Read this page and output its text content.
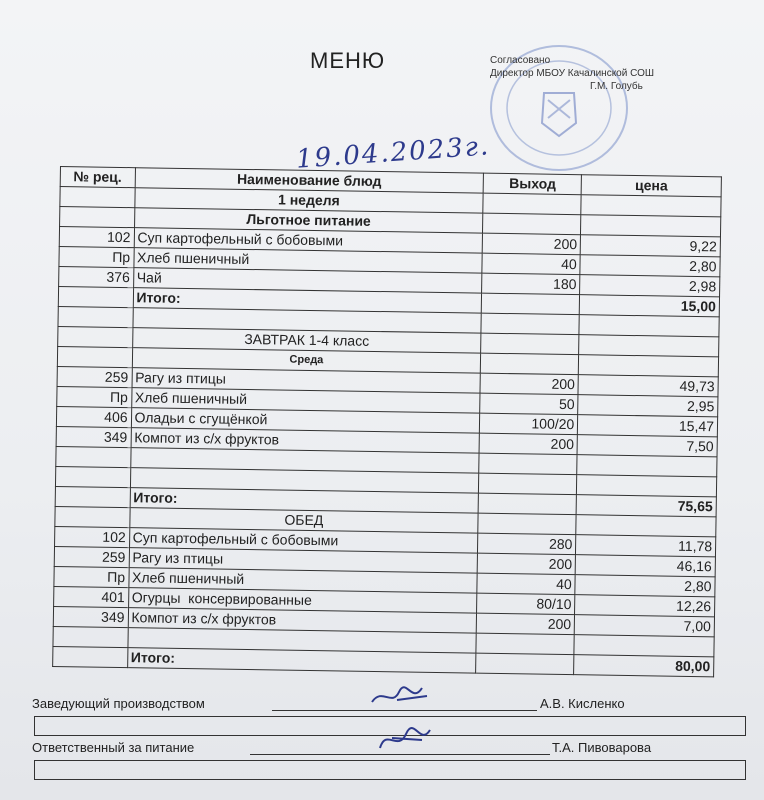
МЕНЮ	Согласовано
Директор МБОУ Качалинской СОШ
Г.М. Голубь
19.04.2023г.
№ рец.	Наименование блюд	Выход	цена
	1 неделя		
	Льготное питание		
102	Суп картофельный с бобовыми	200	9,22
Пр	Хлеб пшеничный	40	2,80
376	Чай	180	2,98
	Итого:		15,00

	ЗАВТРАК 1-4 класс		
	Среда		
259	Рагу из птицы	200	49,73
Пр	Хлеб пшеничный	50	2,95
406	Оладьи с сгущёнкой	100/20	15,47
349	Компот из с/х фруктов	200	7,50

	Итого:		75,65
	ОБЕД		
102	Суп картофельный с бобовыми	280	11,78
259	Рагу из птицы	200	46,16
Пр	Хлеб пшеничный	40	2,80
401	Огурцы  консервированные	80/10	12,26
349	Компот из с/х фруктов	200	7,00

	Итого:		80,00
Заведующий производством	А.В. Кисленко
Ответственный за питание	Т.А. Пивоварова
